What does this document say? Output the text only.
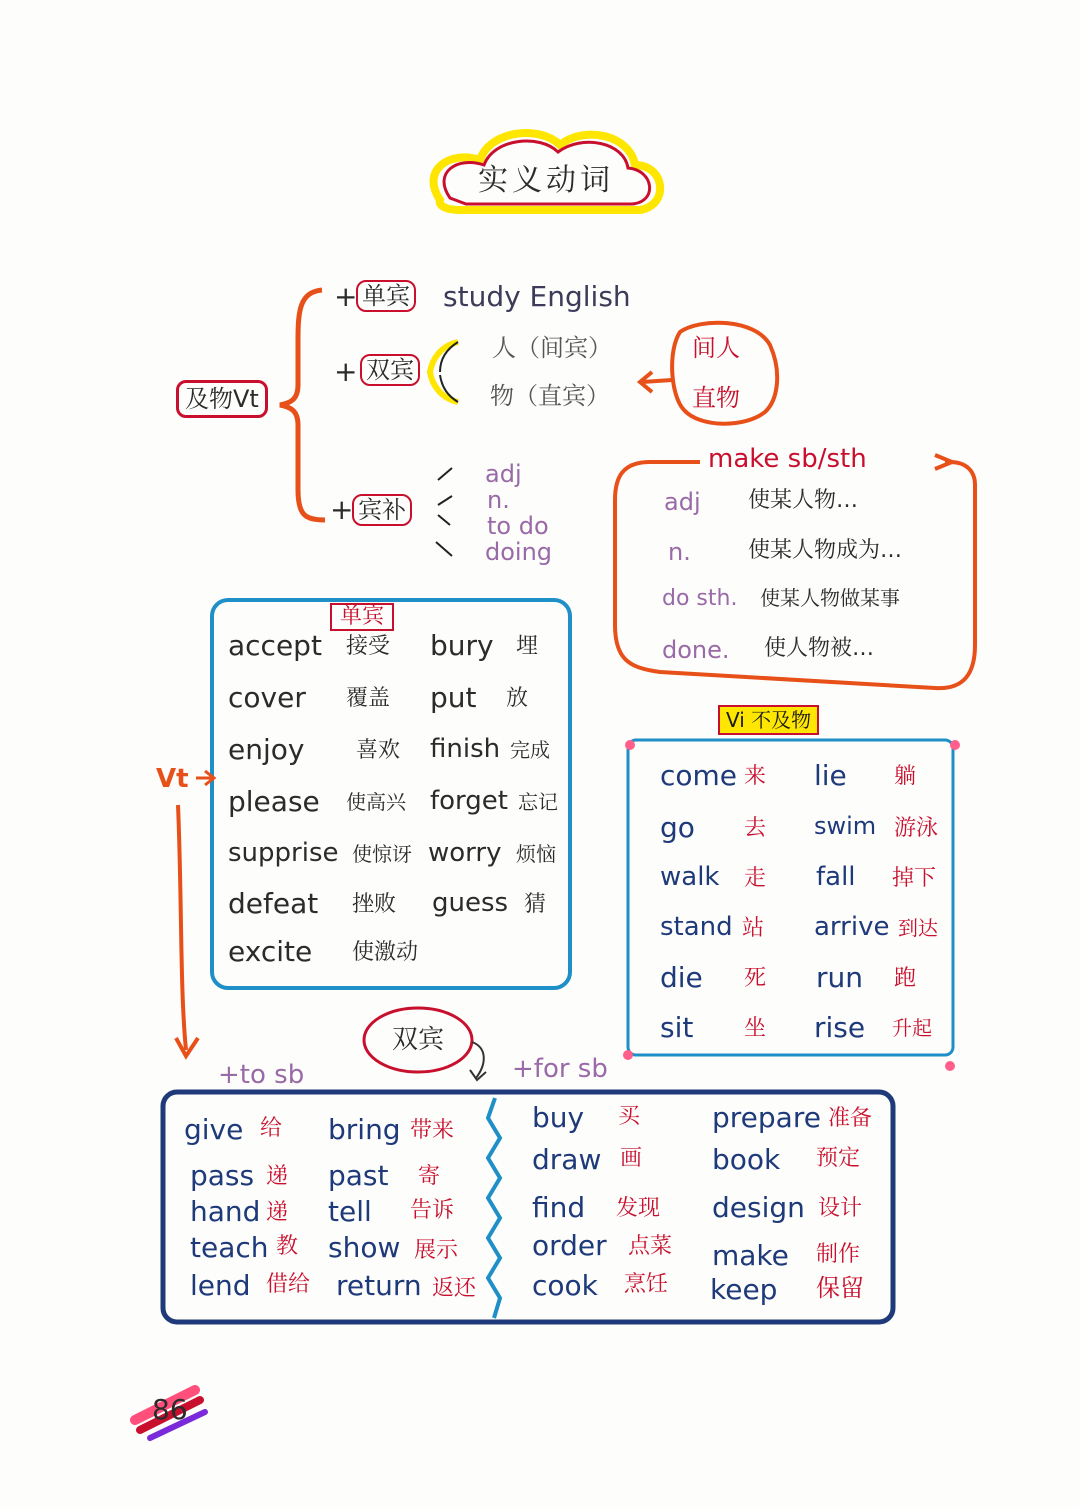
实义动词
及物Vt
+ 单宾 study English
+ 双宾
人（间宾）
物（直宾）
间人
直物
+ 宾补
adj
n.
to do
doing
make sb/sth
adj 使某人物…
n.	使某人物成为…
do sth. 使某人物做某事
done. 使人物被…
单宾
Vt
accept 接受 bury 埋
cover 覆盖 put 放
enjoy 喜欢 finish 完成
please 使高兴 forget 忘记
supprise 使惊讶 worry 烦恼
defeat 挫败 guess 猜
excite 使激动
Vi 不及物
come 来 lie 躺
go 去 swim 游泳
walk 走 fall 掉下
stand 站 arrive 到达
die 死 run 跑
sit 坐 rise 升起
双宾
+to sb	+for sb
give 给 bring 带来
pass 递 past 寄
hand 递 tell 告诉
teach 教 show 展示
lend 借给 return 返还
buy 买	prepare 准备
draw 画 book 预定
find 发现 design 设计
order 点菜 make 制作
cook 烹饪 keep 保留
86
